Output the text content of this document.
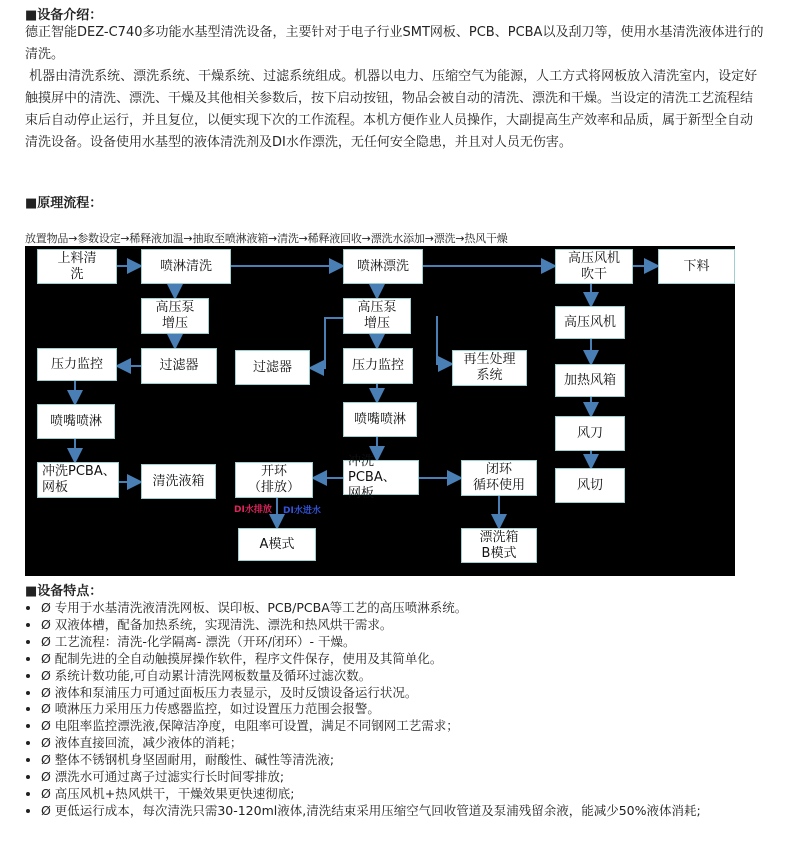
■设备介绍：
德正智能DEZ-C740多功能水基型清洗设备，主要针对于电子行业SMT网板、PCB、PCBA以及刮刀等，使用水基清洗液体进行的清洗。
机器由清洗系统、漂洗系统、干燥系统、过滤系统组成。机器以电力、压缩空气为能源，人工方式将网板放入清洗室内，设定好触摸屏中的清洗、漂洗、干燥及其他相关参数后，按下启动按钮，物品会被自动的清洗、漂洗和干燥。当设定的清洗工艺流程结束后自动停止运行，并且复位，以便实现下次的工作流程。本机方便作业人员操作，大副提高生产效率和品质，属于新型全自动清洗设备。设备使用水基型的液体清洗剂及DI水作漂洗，无任何安全隐患，并且对人员无伤害。
■原理流程：
放置物品→参数设定→稀释液加温→抽取至喷淋液箱→清洗→稀释液回收→漂洗水添加→漂洗→热风干燥
上料清
洗
喷淋清洗	喷淋漂洗
高压风机
吹干
下料
高压泵
增压
高压泵
增压	高压风机
压力监控	过滤器	过滤器	压力监控	再生处理
系统	加热风箱
喷嘴喷淋	喷嘴喷淋
风刀
冲洗PCBA、
网板	清洗液箱
开环
（排放）
冲洗PCBA、
网板
闭环
循环使用	风切
A模式	漂洗箱
B模式
DI水排放 DI水进水
■设备特点：
• Ø 专用于水基清洗液清洗网板、误印板、PCB/PCBA等工艺的高压喷淋系统。
• Ø 双液体槽，配备加热系统，实现清洗、漂洗和热风烘干需求。
• Ø 工艺流程：清洗-化学隔离- 漂洗（开环/闭环）- 干燥。
• Ø 配制先进的全自动触摸屏操作软件，程序文件保存，使用及其简单化。
• Ø 系统计数功能,可自动累计清洗网板数量及循环过滤次数。
• Ø 液体和泵浦压力可通过面板压力表显示，及时反馈设备运行状况。
• Ø 喷淋压力采用压力传感器监控，如过设置压力范围会报警。
• Ø 电阻率监控漂洗液,保障洁净度，电阻率可设置，满足不同钢网工艺需求；
• Ø 液体直接回流，减少液体的消耗；
• Ø 整体不锈钢机身坚固耐用，耐酸性、碱性等清洗液;
• Ø 漂洗水可通过离子过滤实行长时间零排放;
• Ø 高压风机+热风烘干，干燥效果更快速彻底;
• Ø 更低运行成本，每次清洗只需30-120ml液体,清洗结束采用压缩空气回收管道及泵浦残留余液，能减少50%液体消耗;
